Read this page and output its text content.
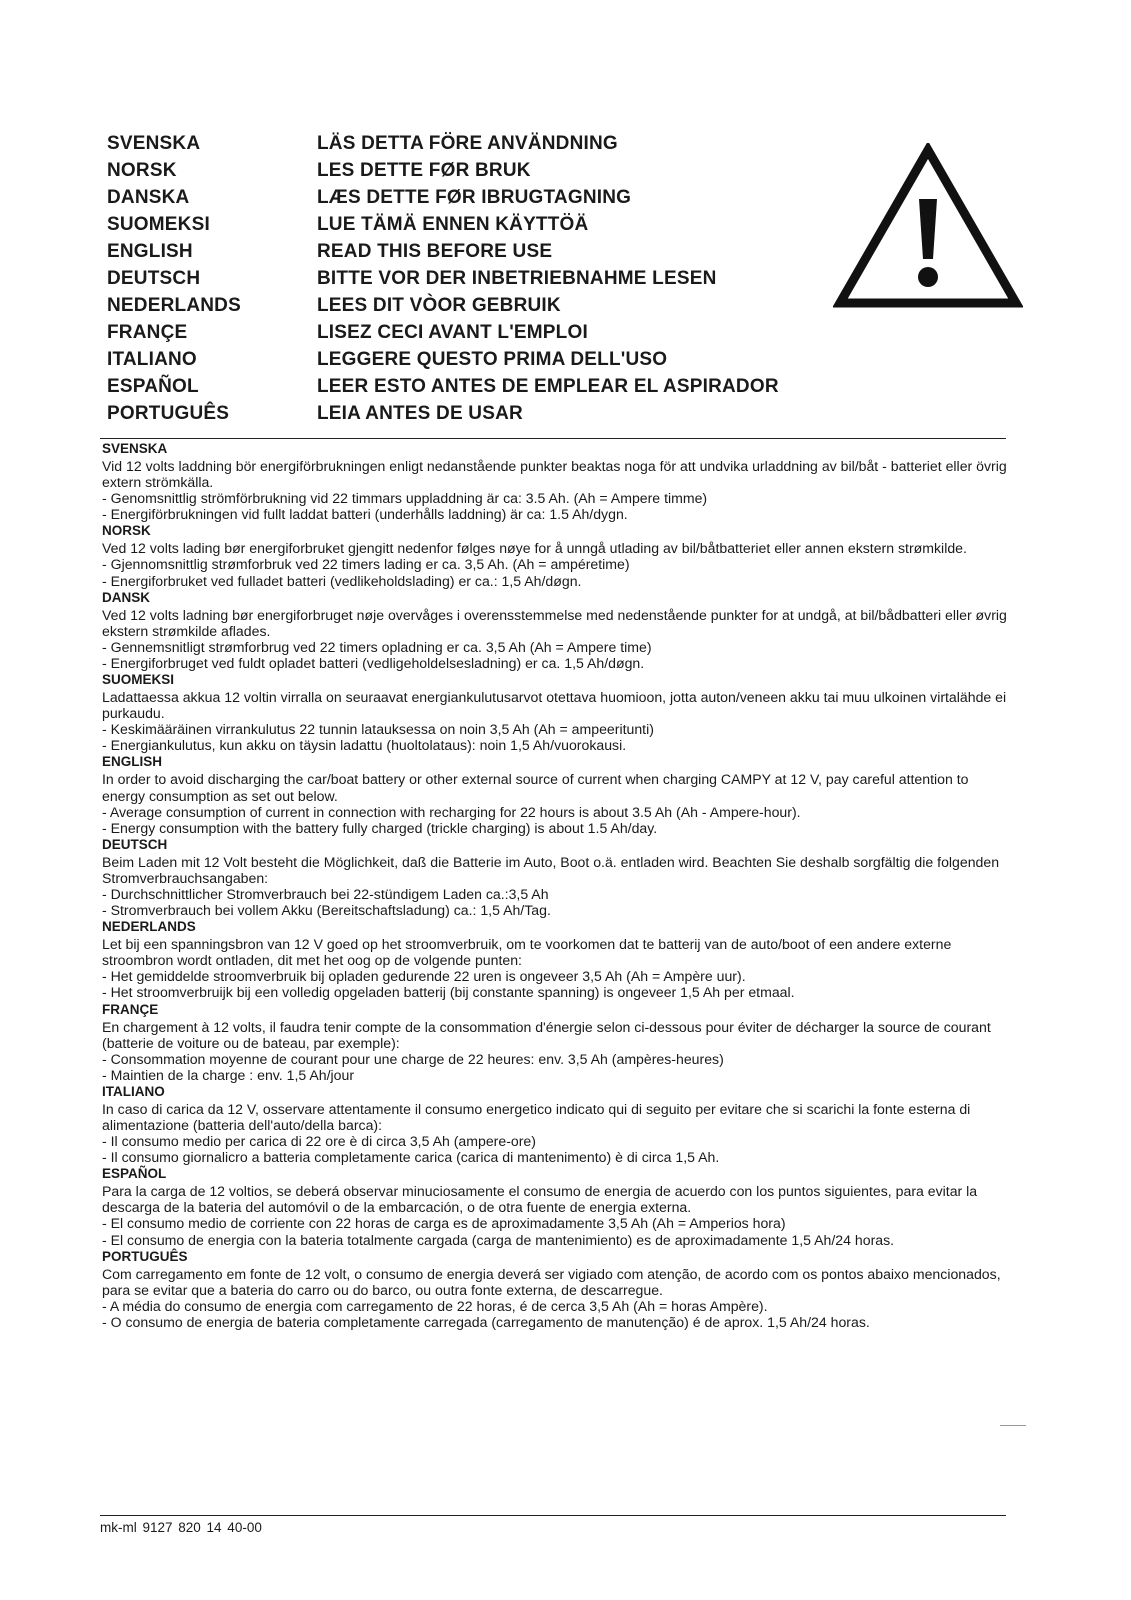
SVENSKA	LÄS DETTA FÖRE ANVÄNDNING
NORSK	LES DETTE FØR BRUK
DANSKA	LÆS DETTE FØR IBRUGTAGNING
SUOMEKSI	LUE TÄMÄ ENNEN KÄYTTÖÄ
ENGLISH	READ THIS BEFORE USE
DEUTSCH	BITTE VOR DER INBETRIEBNAHME LESEN
NEDERLANDS	LEES DIT VÒOR GEBRUIK
FRANÇE	LISEZ CECI AVANT L'EMPLOI
ITALIANO	LEGGERE QUESTO PRIMA DELL'USO
ESPAÑOL	LEER ESTO ANTES DE EMPLEAR EL ASPIRADOR
PORTUGUÊS	LEIA ANTES DE USAR
SVENSKA

Vid 12 volts laddning bör energiförbrukningen enligt nedanstående punkter beaktas noga för att undvika urladdning av bil/båt - batteriet eller övrig extern strömkälla.

- Genomsnittlig strömförbrukning vid 22 timmars uppladdning är ca: 3.5 Ah. (Ah = Ampere timme)

- Energiförbrukningen vid fullt laddat batteri (underhålls laddning) är ca: 1.5 Ah/dygn.

NORSK

Ved 12 volts lading bør energiforbruket gjengitt nedenfor følges nøye for å unngå utlading av bil/båtbatteriet eller annen ekstern strømkilde.

- Gjennomsnittlig strømforbruk ved 22 timers lading er ca. 3,5 Ah. (Ah = ampéretime)

- Energiforbruket ved fulladet batteri (vedlikeholdslading) er ca.: 1,5 Ah/døgn.

DANSK

Ved 12 volts ladning bør energiforbruget nøje overvåges i overensstemmelse med nedenstående punkter for at undgå, at bil/bådbatteri eller øvrig ekstern strømkilde aflades.

- Gennemsnitligt strømforbrug ved 22 timers opladning er ca. 3,5 Ah (Ah = Ampere time)

- Energiforbruget ved fuldt opladet batteri (vedligeholdelsesladning) er ca. 1,5 Ah/døgn.

SUOMEKSI

Ladattaessa akkua 12 voltin virralla on seuraavat energiankulutusarvot otettava huomioon, jotta auton/veneen akku tai muu ulkoinen virtalähde ei purkaudu.

- Keskimääräinen virrankulutus 22 tunnin latauksessa on noin 3,5 Ah (Ah = ampeeritunti)

- Energiankulutus, kun akku on täysin ladattu (huoltolataus): noin 1,5 Ah/vuorokausi.

ENGLISH

In order to avoid discharging the car/boat battery or other external source of current when charging CAMPY at 12 V, pay careful attention to energy consumption as set out below.

- Average consumption of current in connection with recharging for 22 hours is about 3.5 Ah (Ah - Ampere-hour).

- Energy consumption with the battery fully charged (trickle charging) is about 1.5 Ah/day.

DEUTSCH

Beim Laden mit 12 Volt besteht die Möglichkeit, daß die Batterie im Auto, Boot o.ä. entladen wird. Beachten Sie deshalb sorgfältig die folgenden Stromverbrauchsangaben:

- Durchschnittlicher Stromverbrauch bei 22-stündigem Laden ca.:3,5 Ah

- Stromverbrauch bei vollem Akku (Bereitschaftsladung) ca.: 1,5 Ah/Tag.

NEDERLANDS

Let bij een spanningsbron van 12 V goed op het stroomverbruik, om te voorkomen dat te batterij van de auto/boot of een andere externe stroombron wordt ontladen, dit met het oog op de volgende punten:

- Het gemiddelde stroomverbruik bij opladen gedurende 22 uren is ongeveer 3,5 Ah (Ah = Ampère uur).

- Het stroomverbruijk bij een volledig opgeladen batterij (bij constante spanning) is ongeveer 1,5 Ah per etmaal.

FRANÇE

En chargement à 12 volts, il faudra tenir compte de la consommation d'énergie selon ci-dessous pour éviter de décharger la source de courant (batterie de voiture ou de bateau, par exemple):

- Consommation moyenne de courant pour une charge de 22 heures: env. 3,5 Ah (ampères-heures)

- Maintien de la charge : env. 1,5 Ah/jour

ITALIANO

In caso di carica da 12 V, osservare attentamente il consumo energetico indicato qui di seguito per evitare che si scarichi la fonte esterna di alimentazione (batteria dell'auto/della barca):

- Il consumo medio per carica di 22 ore è di circa 3,5 Ah (ampere-ore)

- Il consumo giornalicro a batteria completamente carica (carica di mantenimento) è di circa 1,5 Ah.

ESPAÑOL

Para la carga de 12 voltios, se deberá observar minuciosamente el consumo de energia de acuerdo con los puntos siguientes, para evitar la descarga de la bateria del automóvil o de la embarcación, o de otra fuente de energia externa.

- El consumo medio de corriente con 22 horas de carga es de aproximadamente 3,5 Ah (Ah = Amperios hora)

- El consumo de energia con la bateria totalmente cargada (carga de mantenimiento) es de aproximadamente 1,5 Ah/24 horas.

PORTUGUÊS

Com carregamento em fonte de 12 volt, o consumo de energia deverá ser vigiado com atenção, de acordo com os pontos abaixo mencionados, para se evitar que a bateria do carro ou do barco, ou outra fonte externa, de descarregue.

- A média do consumo de energia com carregamento de 22 horas, é de cerca 3,5 Ah (Ah = horas Ampère).

- O consumo de energia de bateria completamente carregada (carregamento de manutenção) é de aprox. 1,5 Ah/24 horas.

mk-ml 9127 820 14 40-00
